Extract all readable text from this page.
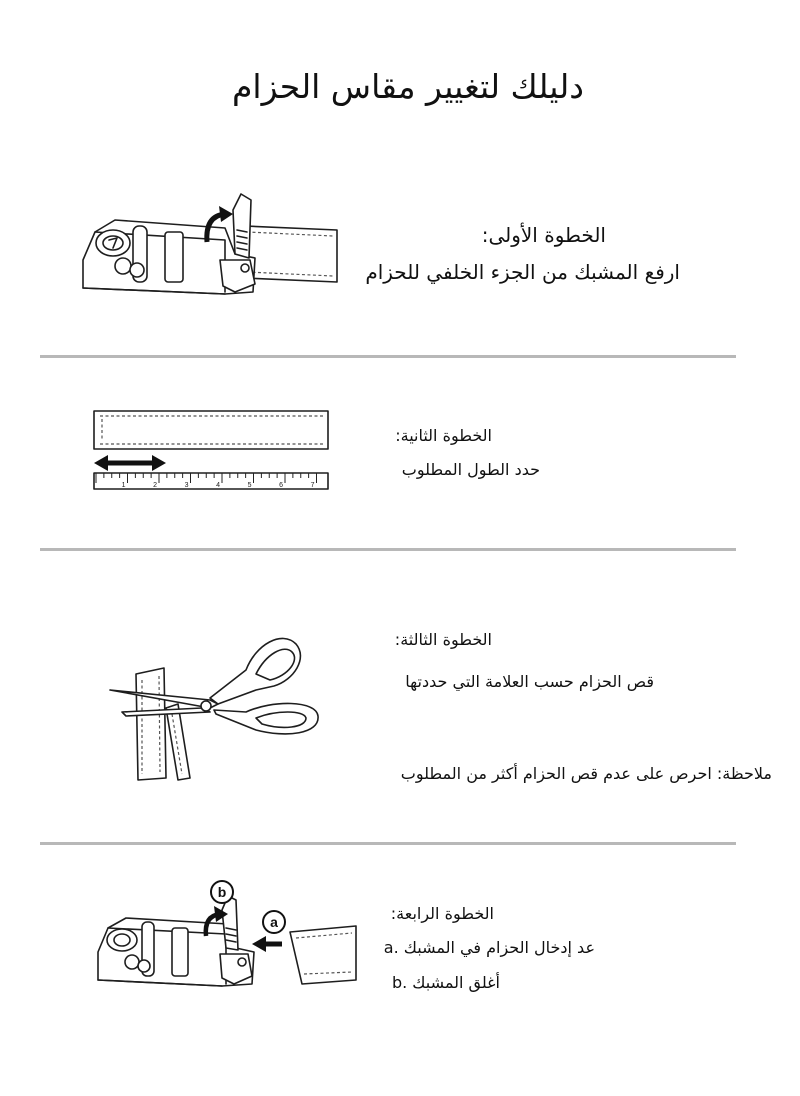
دليلك لتغيير مقاس الحزام
الخطوة الأولى:
ارفع المشبك من الجزء الخلفي للحزام
1	2	3	4	5	6	7
الخطوة الثانية:
حدد الطول المطلوب
الخطوة الثالثة:
قص الحزام حسب العلامة التي حددتها
ملاحظة: احرص على عدم قص الحزام أكثر من المطلوب
b
a	الخطوة الرابعة:
عد إدخال الحزام في المشبك .a
أغلق المشبك .b
